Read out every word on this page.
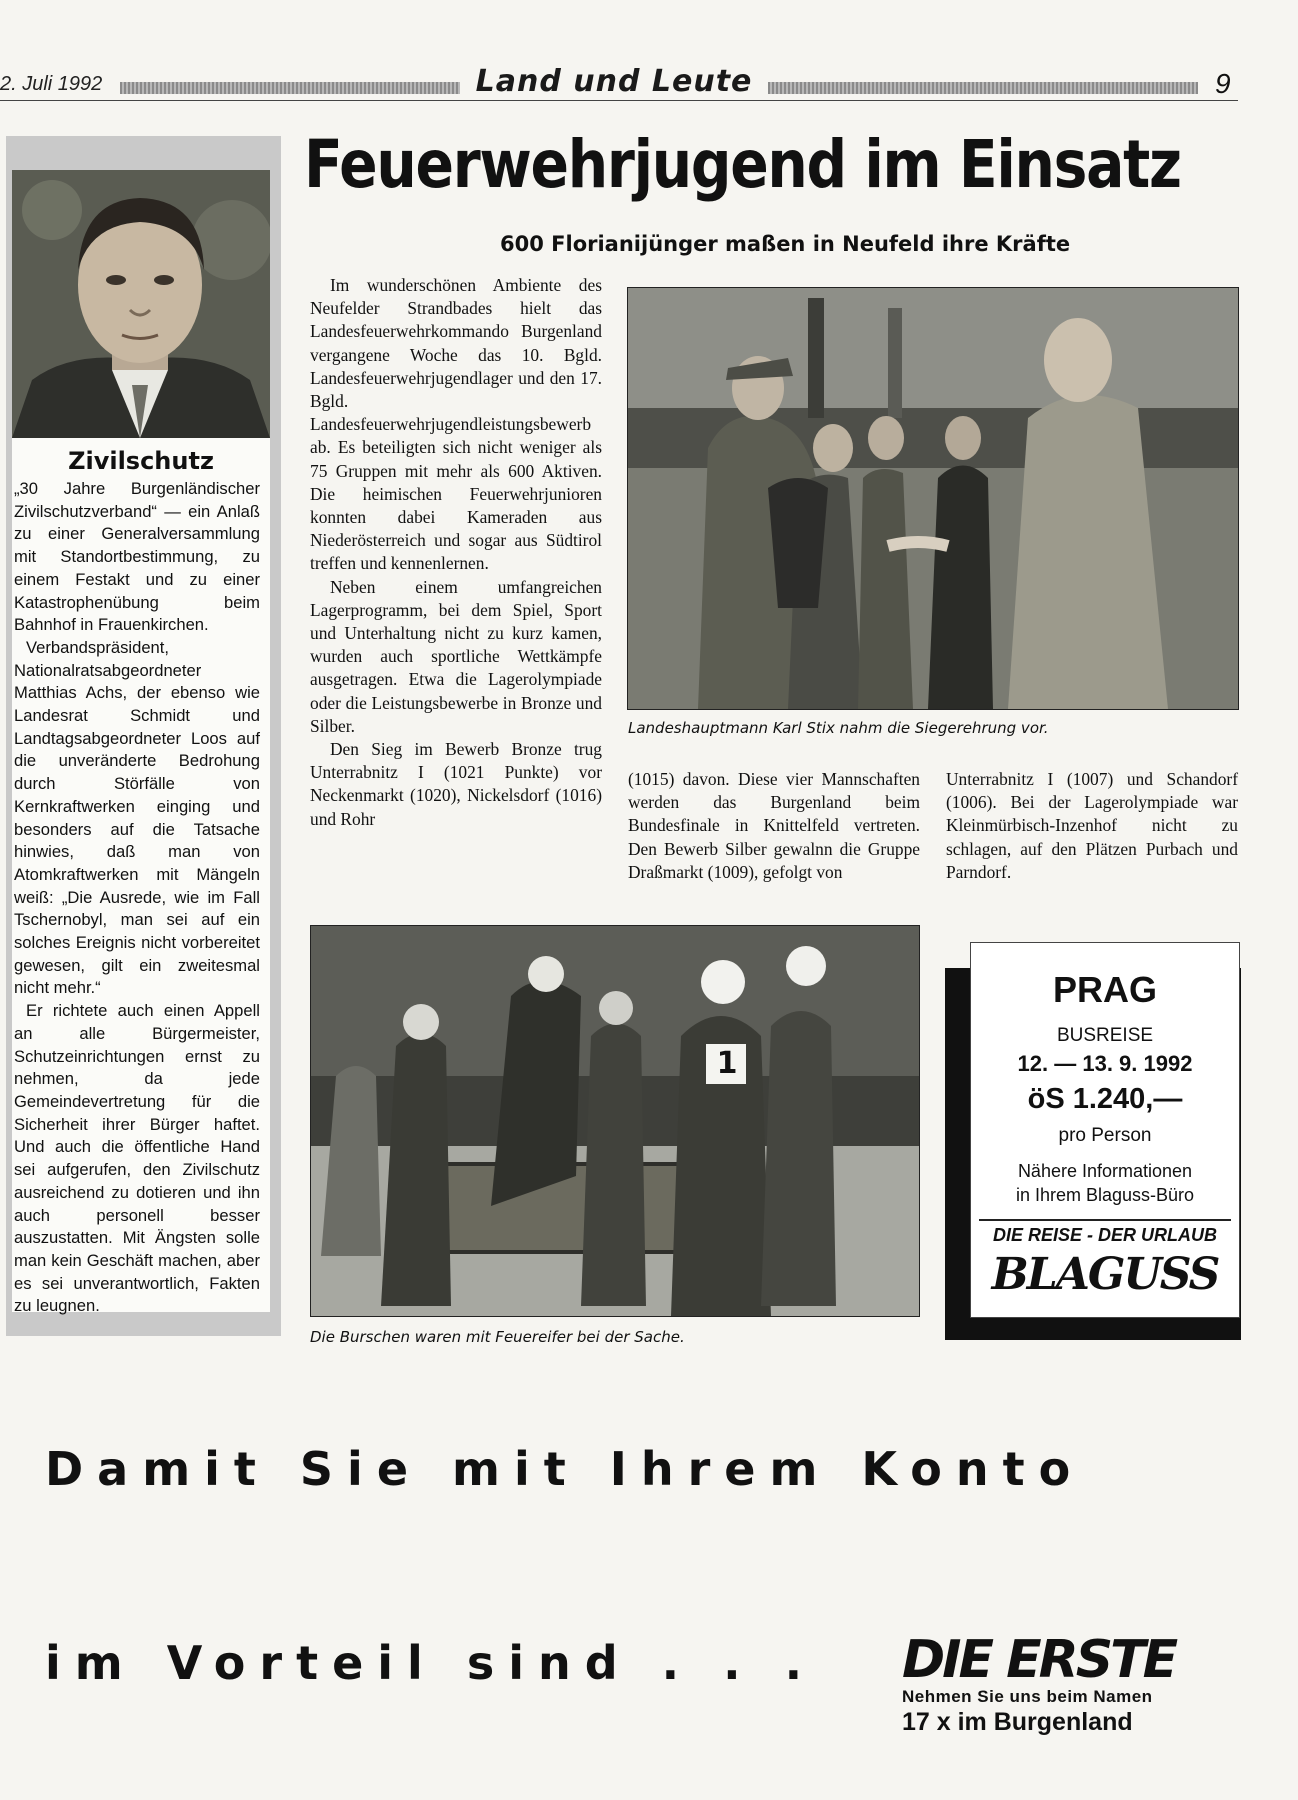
2. Juli 1992	Land und Leute	9
Zivilschutz

„30 Jahre Burgenländischer Zivilschutzverband“ — ein Anlaß zu einer Generalversammlung mit Standortbestimmung, zu einem Festakt und zu einer Katastrophenübung beim Bahnhof in Frauenkirchen.

Verbandspräsident, Nationalratsabgeordneter Matthias Achs, der ebenso wie Landesrat Schmidt und Landtagsabgeordneter Loos auf die unveränderte Bedrohung durch Störfälle von Kernkraftwerken einging und besonders auf die Tatsache hinwies, daß man von Atomkraftwerken mit Mängeln weiß: „Die Ausrede, wie im Fall Tschernobyl, man sei auf ein solches Ereignis nicht vorbereitet gewesen, gilt ein zweitesmal nicht mehr.“

Er richtete auch einen Appell an alle Bürgermeister, Schutzeinrichtungen ernst zu nehmen, da jede Gemeindevertretung für die Sicherheit ihrer Bürger haftet. Und auch die öffentliche Hand sei aufgerufen, den Zivilschutz ausreichend zu dotieren und ihn auch personell besser auszustatten. Mit Ängsten solle man kein Geschäft machen, aber es sei unverantwortlich, Fakten zu leugnen.

Feuerwehrjugend im Einsatz
600 Florianijünger maßen in Neufeld ihre Kräfte

Im wunderschönen Ambiente des Neufelder Strandbades hielt das Landesfeuerwehrkommando Burgenland vergangene Woche das 10. Bgld. Landesfeuerwehrjugendlager und den 17. Bgld. Landesfeuerwehrjugendleistungsbewerb ab. Es beteiligten sich nicht weniger als 75 Gruppen mit mehr als 600 Aktiven. Die heimischen Feuerwehrjunioren konnten dabei Kameraden aus Niederösterreich und sogar aus Südtirol treffen und kennenlernen.

Neben einem umfangreichen Lagerprogramm, bei dem Spiel, Sport und Unterhaltung nicht zu kurz kamen, wurden auch sportliche Wettkämpfe ausgetragen. Etwa die Lagerolympiade oder die Leistungsbewerbe in Bronze und Silber.

Den Sieg im Bewerb Bronze trug Unterrabnitz I (1021 Punkte) vor Neckenmarkt (1020), Nickelsdorf (1016) und Rohr

Landeshauptmann Karl Stix nahm die Siegerehrung vor.

(1015) davon. Diese vier Mannschaften werden das Burgenland beim Bundesfinale in Knittelfeld vertreten. Den Bewerb Silber gewalnn die Gruppe Draßmarkt (1009), gefolgt von

Unterrabnitz I (1007) und Schandorf (1006). Bei der Lagerolympiade war Kleinmürbisch-Inzenhof nicht zu schlagen, auf den Plätzen Purbach und Parndorf.

1
Die Burschen waren mit Feuereifer bei der Sache.
PRAG
BUSREISE
12. — 13. 9. 1992
öS 1.240,—
pro Person
Nähere Informationen
in Ihrem Blaguss-Büro
DIE REISE - DER URLAUB
BLAGUSS
Damit Sie mit Ihrem Konto
im Vorteil sind . . . DIE ERSTE
Nehmen Sie uns beim Namen
17 x im Burgenland
